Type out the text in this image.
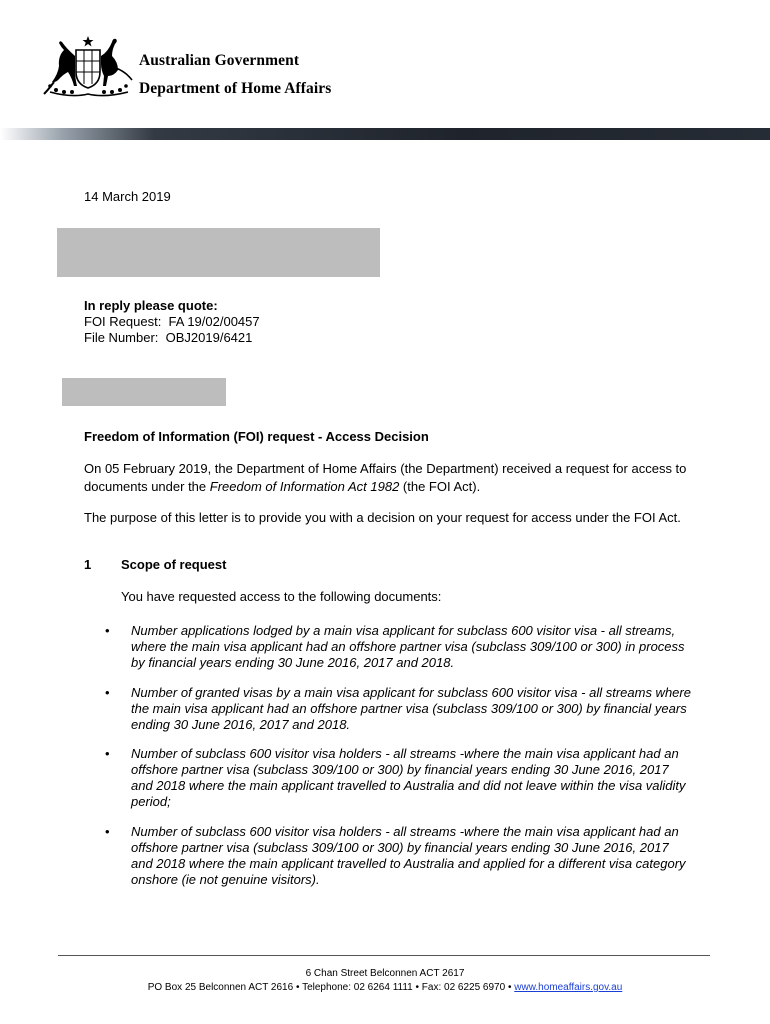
Australian Government
Department of Home Affairs
14 March 2019
In reply please quote:
FOI Request:  FA 19/02/00457
File Number:  OBJ2019/6421
Freedom of Information (FOI) request - Access Decision
On 05 February 2019, the Department of Home Affairs (the Department) received a request for access to documents under the Freedom of Information Act 1982 (the FOI Act).
The purpose of this letter is to provide you with a decision on your request for access under the FOI Act.
1 Scope of request
You have requested access to the following documents:
• Number applications lodged by a main visa applicant for subclass 600 visitor visa - all streams, where the main visa applicant had an offshore partner visa (subclass 309/100 or 300) in process by financial years ending 30 June 2016, 2017 and 2018.
• Number of granted visas by a main visa applicant for subclass 600 visitor visa - all streams where the main visa applicant had an offshore partner visa (subclass 309/100 or 300) by financial years ending 30 June 2016, 2017 and 2018.
• Number of subclass 600 visitor visa holders - all streams -where the main visa applicant had an offshore partner visa (subclass 309/100 or 300) by financial years ending 30 June 2016, 2017 and 2018 where the main applicant travelled to Australia and did not leave within the visa validity period;
• Number of subclass 600 visitor visa holders - all streams -where the main visa applicant had an offshore partner visa (subclass 309/100 or 300) by financial years ending 30 June 2016, 2017 and 2018 where the main applicant travelled to Australia and applied for a different visa category onshore (ie not genuine visitors).
6 Chan Street Belconnen ACT 2617
PO Box 25 Belconnen ACT 2616 • Telephone: 02 6264 1111 • Fax: 02 6225 6970 • www.homeaffairs.gov.au
